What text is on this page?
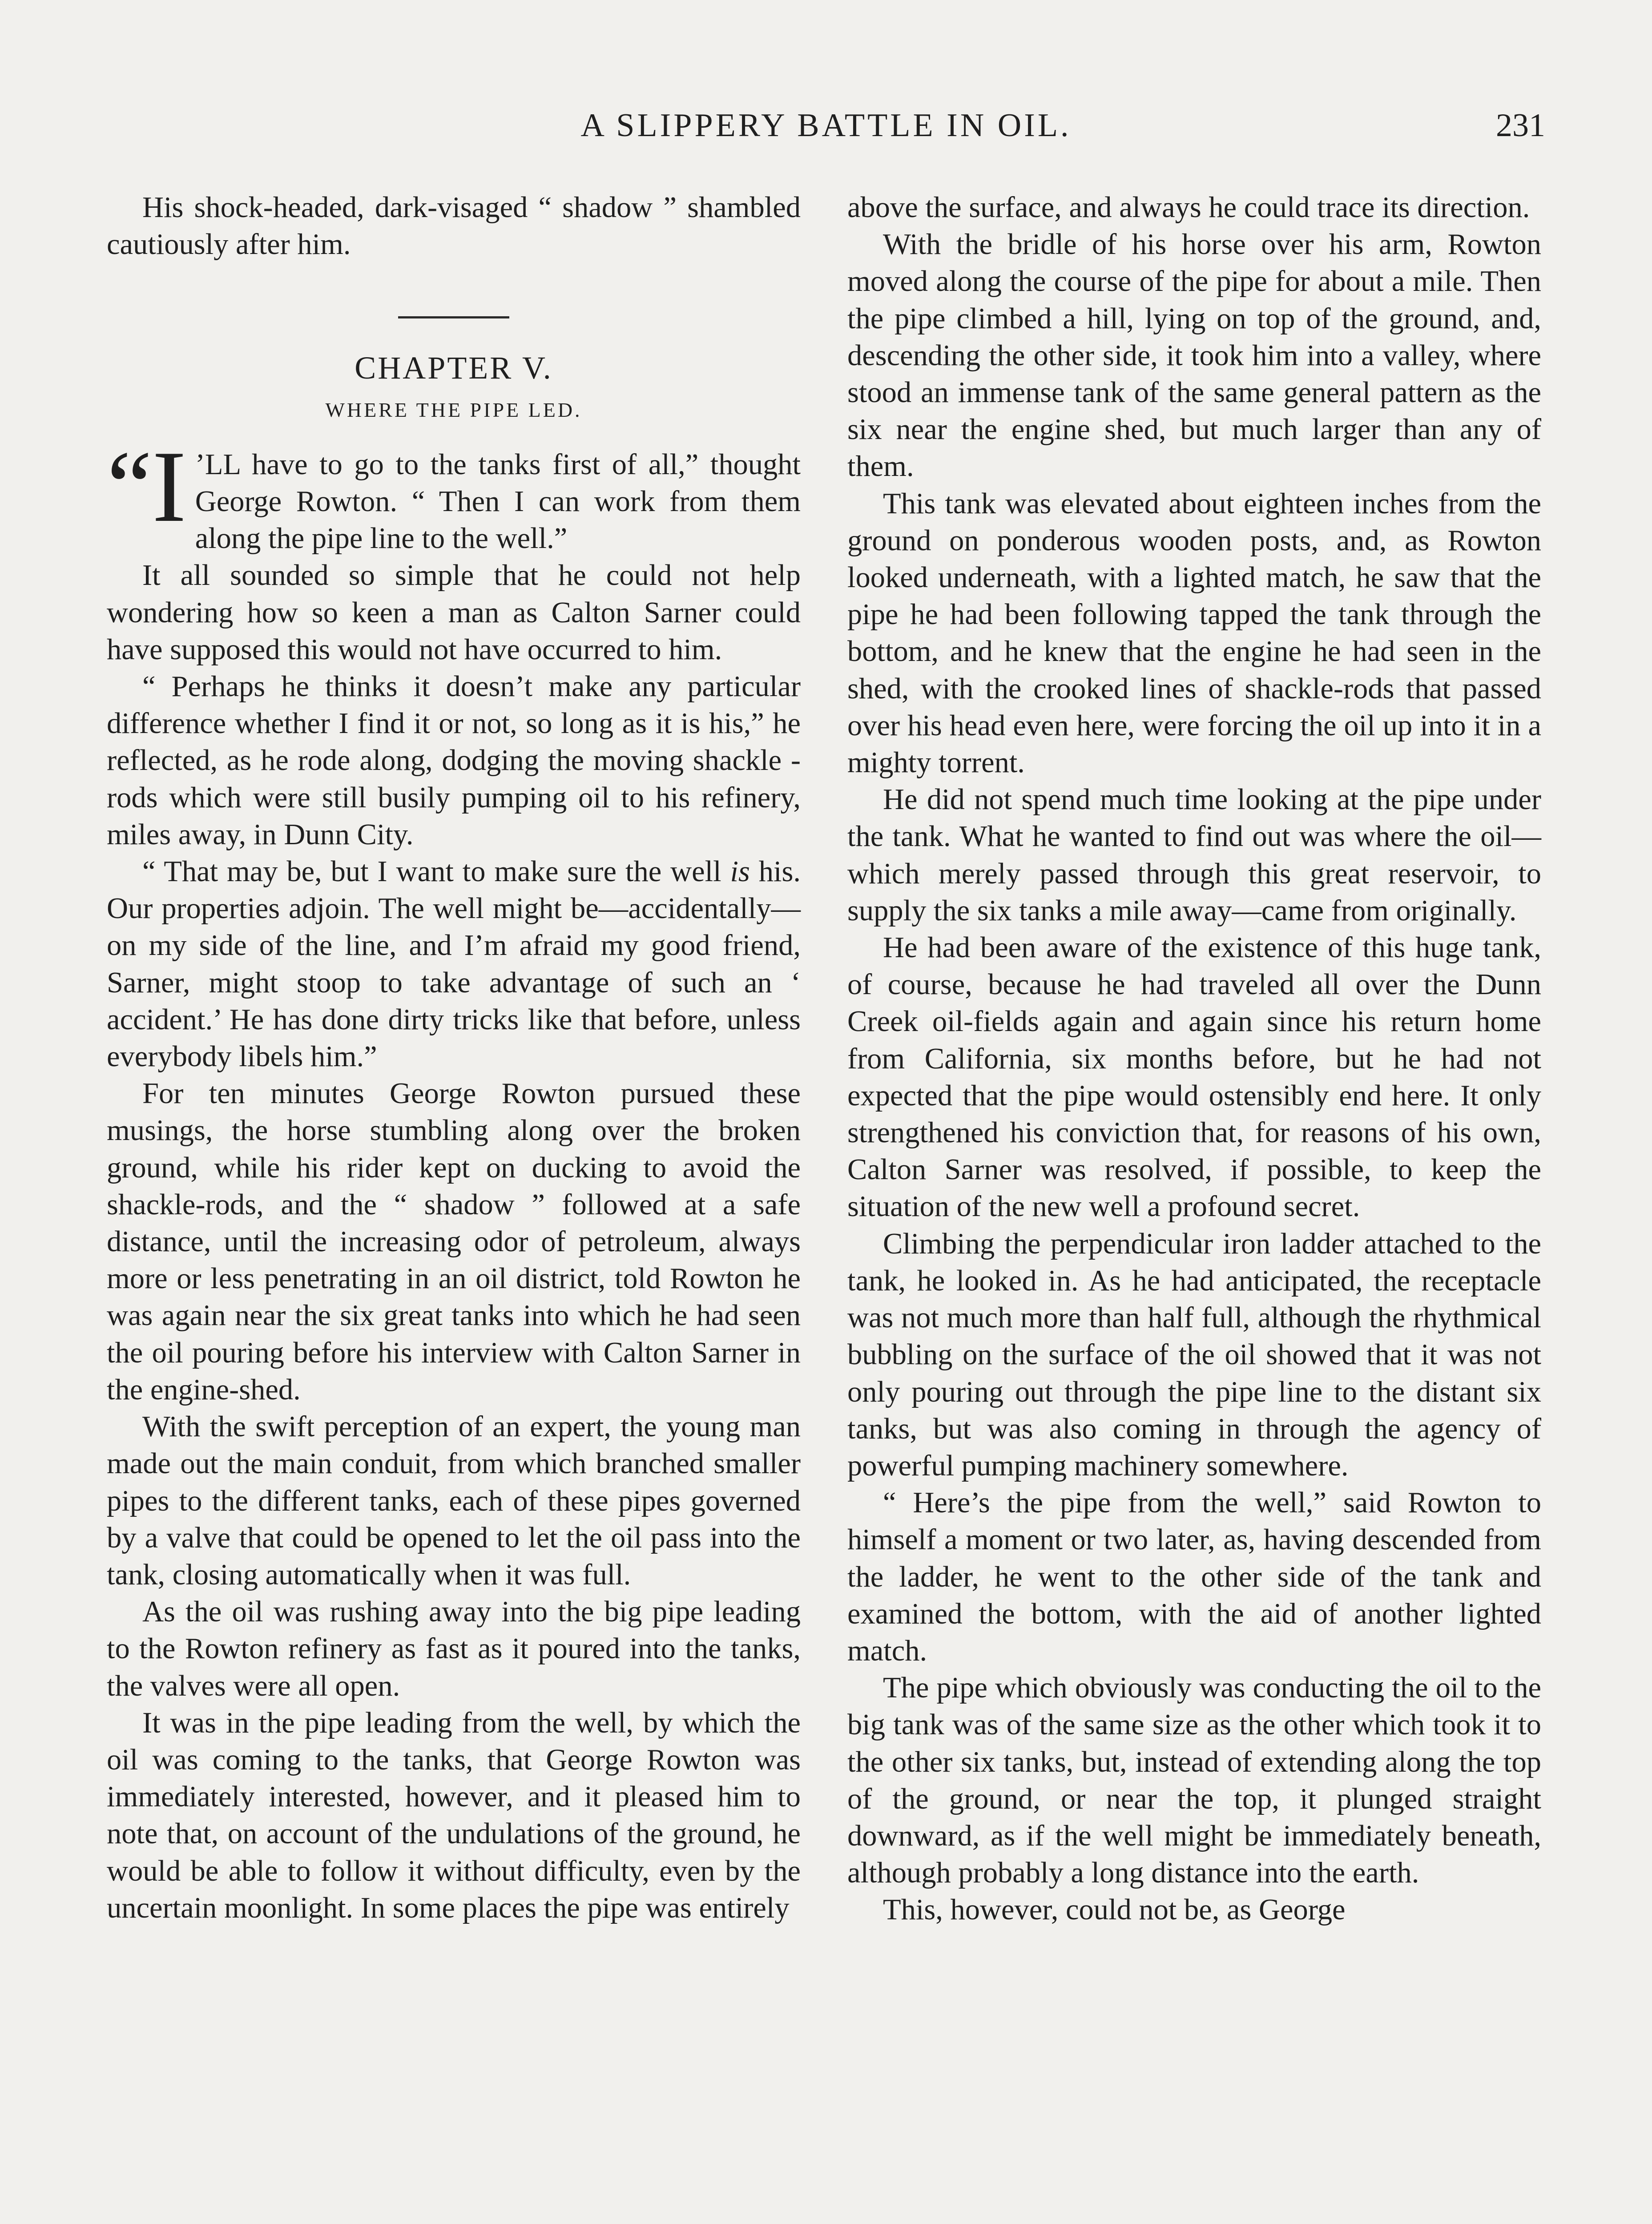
A SLIPPERY BATTLE IN OIL.	231

His shock-headed, dark-visaged “ shadow ” shambled cautiously after him.

CHAPTER V.
WHERE THE PIPE LED.

“I ’LL have to go to the tanks first of all,” thought George Rowton. “ Then I can work from them along the pipe line to the well.”

It all sounded so simple that he could not help wondering how so keen a man as Calton Sarner could have supposed this would not have occurred to him.

“ Perhaps he thinks it doesn’t make any particular difference whether I find it or not, so long as it is his,” he reflected, as he rode along, dodging the moving shackle - rods which were still busily pumping oil to his refinery, miles away, in Dunn City.

“ That may be, but I want to make sure the well is his. Our properties adjoin. The well might be—accidentally—on my side of the line, and I’m afraid my good friend, Sarner, might stoop to take advantage of such an ‘ accident.’ He has done dirty tricks like that before, unless everybody libels him.”

For ten minutes George Rowton pursued these musings, the horse stumbling along over the broken ground, while his rider kept on ducking to avoid the shackle-rods, and the “ shadow ” followed at a safe distance, until the increasing odor of petroleum, always more or less penetrating in an oil district, told Rowton he was again near the six great tanks into which he had seen the oil pouring before his interview with Calton Sarner in the engine-shed.

With the swift perception of an expert, the young man made out the main conduit, from which branched smaller pipes to the different tanks, each of these pipes governed by a valve that could be opened to let the oil pass into the tank, closing automatically when it was full.

As the oil was rushing away into the big pipe leading to the Rowton refinery as fast as it poured into the tanks, the valves were all open.

It was in the pipe leading from the well, by which the oil was coming to the tanks, that George Rowton was immediately interested, however, and it pleased him to note that, on account of the undulations of the ground, he would be able to follow it without difficulty, even by the uncertain moonlight. In some places the pipe was entirely

above the surface, and always he could trace its direction.

With the bridle of his horse over his arm, Rowton moved along the course of the pipe for about a mile. Then the pipe climbed a hill, lying on top of the ground, and, descending the other side, it took him into a valley, where stood an immense tank of the same general pattern as the six near the engine shed, but much larger than any of them.

This tank was elevated about eighteen inches from the ground on ponderous wooden posts, and, as Rowton looked underneath, with a lighted match, he saw that the pipe he had been following tapped the tank through the bottom, and he knew that the engine he had seen in the shed, with the crooked lines of shackle-rods that passed over his head even here, were forcing the oil up into it in a mighty torrent.

He did not spend much time looking at the pipe under the tank. What he wanted to find out was where the oil—which merely passed through this great reservoir, to supply the six tanks a mile away—came from originally.

He had been aware of the existence of this huge tank, of course, because he had traveled all over the Dunn Creek oil-fields again and again since his return home from California, six months before, but he had not expected that the pipe would ostensibly end here. It only strengthened his conviction that, for reasons of his own, Calton Sarner was resolved, if possible, to keep the situation of the new well a profound secret.

Climbing the perpendicular iron ladder attached to the tank, he looked in. As he had anticipated, the receptacle was not much more than half full, although the rhythmical bubbling on the surface of the oil showed that it was not only pouring out through the pipe line to the distant six tanks, but was also coming in through the agency of powerful pumping machinery somewhere.

“ Here’s the pipe from the well,” said Rowton to himself a moment or two later, as, having descended from the ladder, he went to the other side of the tank and examined the bottom, with the aid of another lighted match.

The pipe which obviously was conducting the oil to the big tank was of the same size as the other which took it to the other six tanks, but, instead of extending along the top of the ground, or near the top, it plunged straight downward, as if the well might be immediately beneath, although probably a long distance into the earth.

This, however, could not be, as George
